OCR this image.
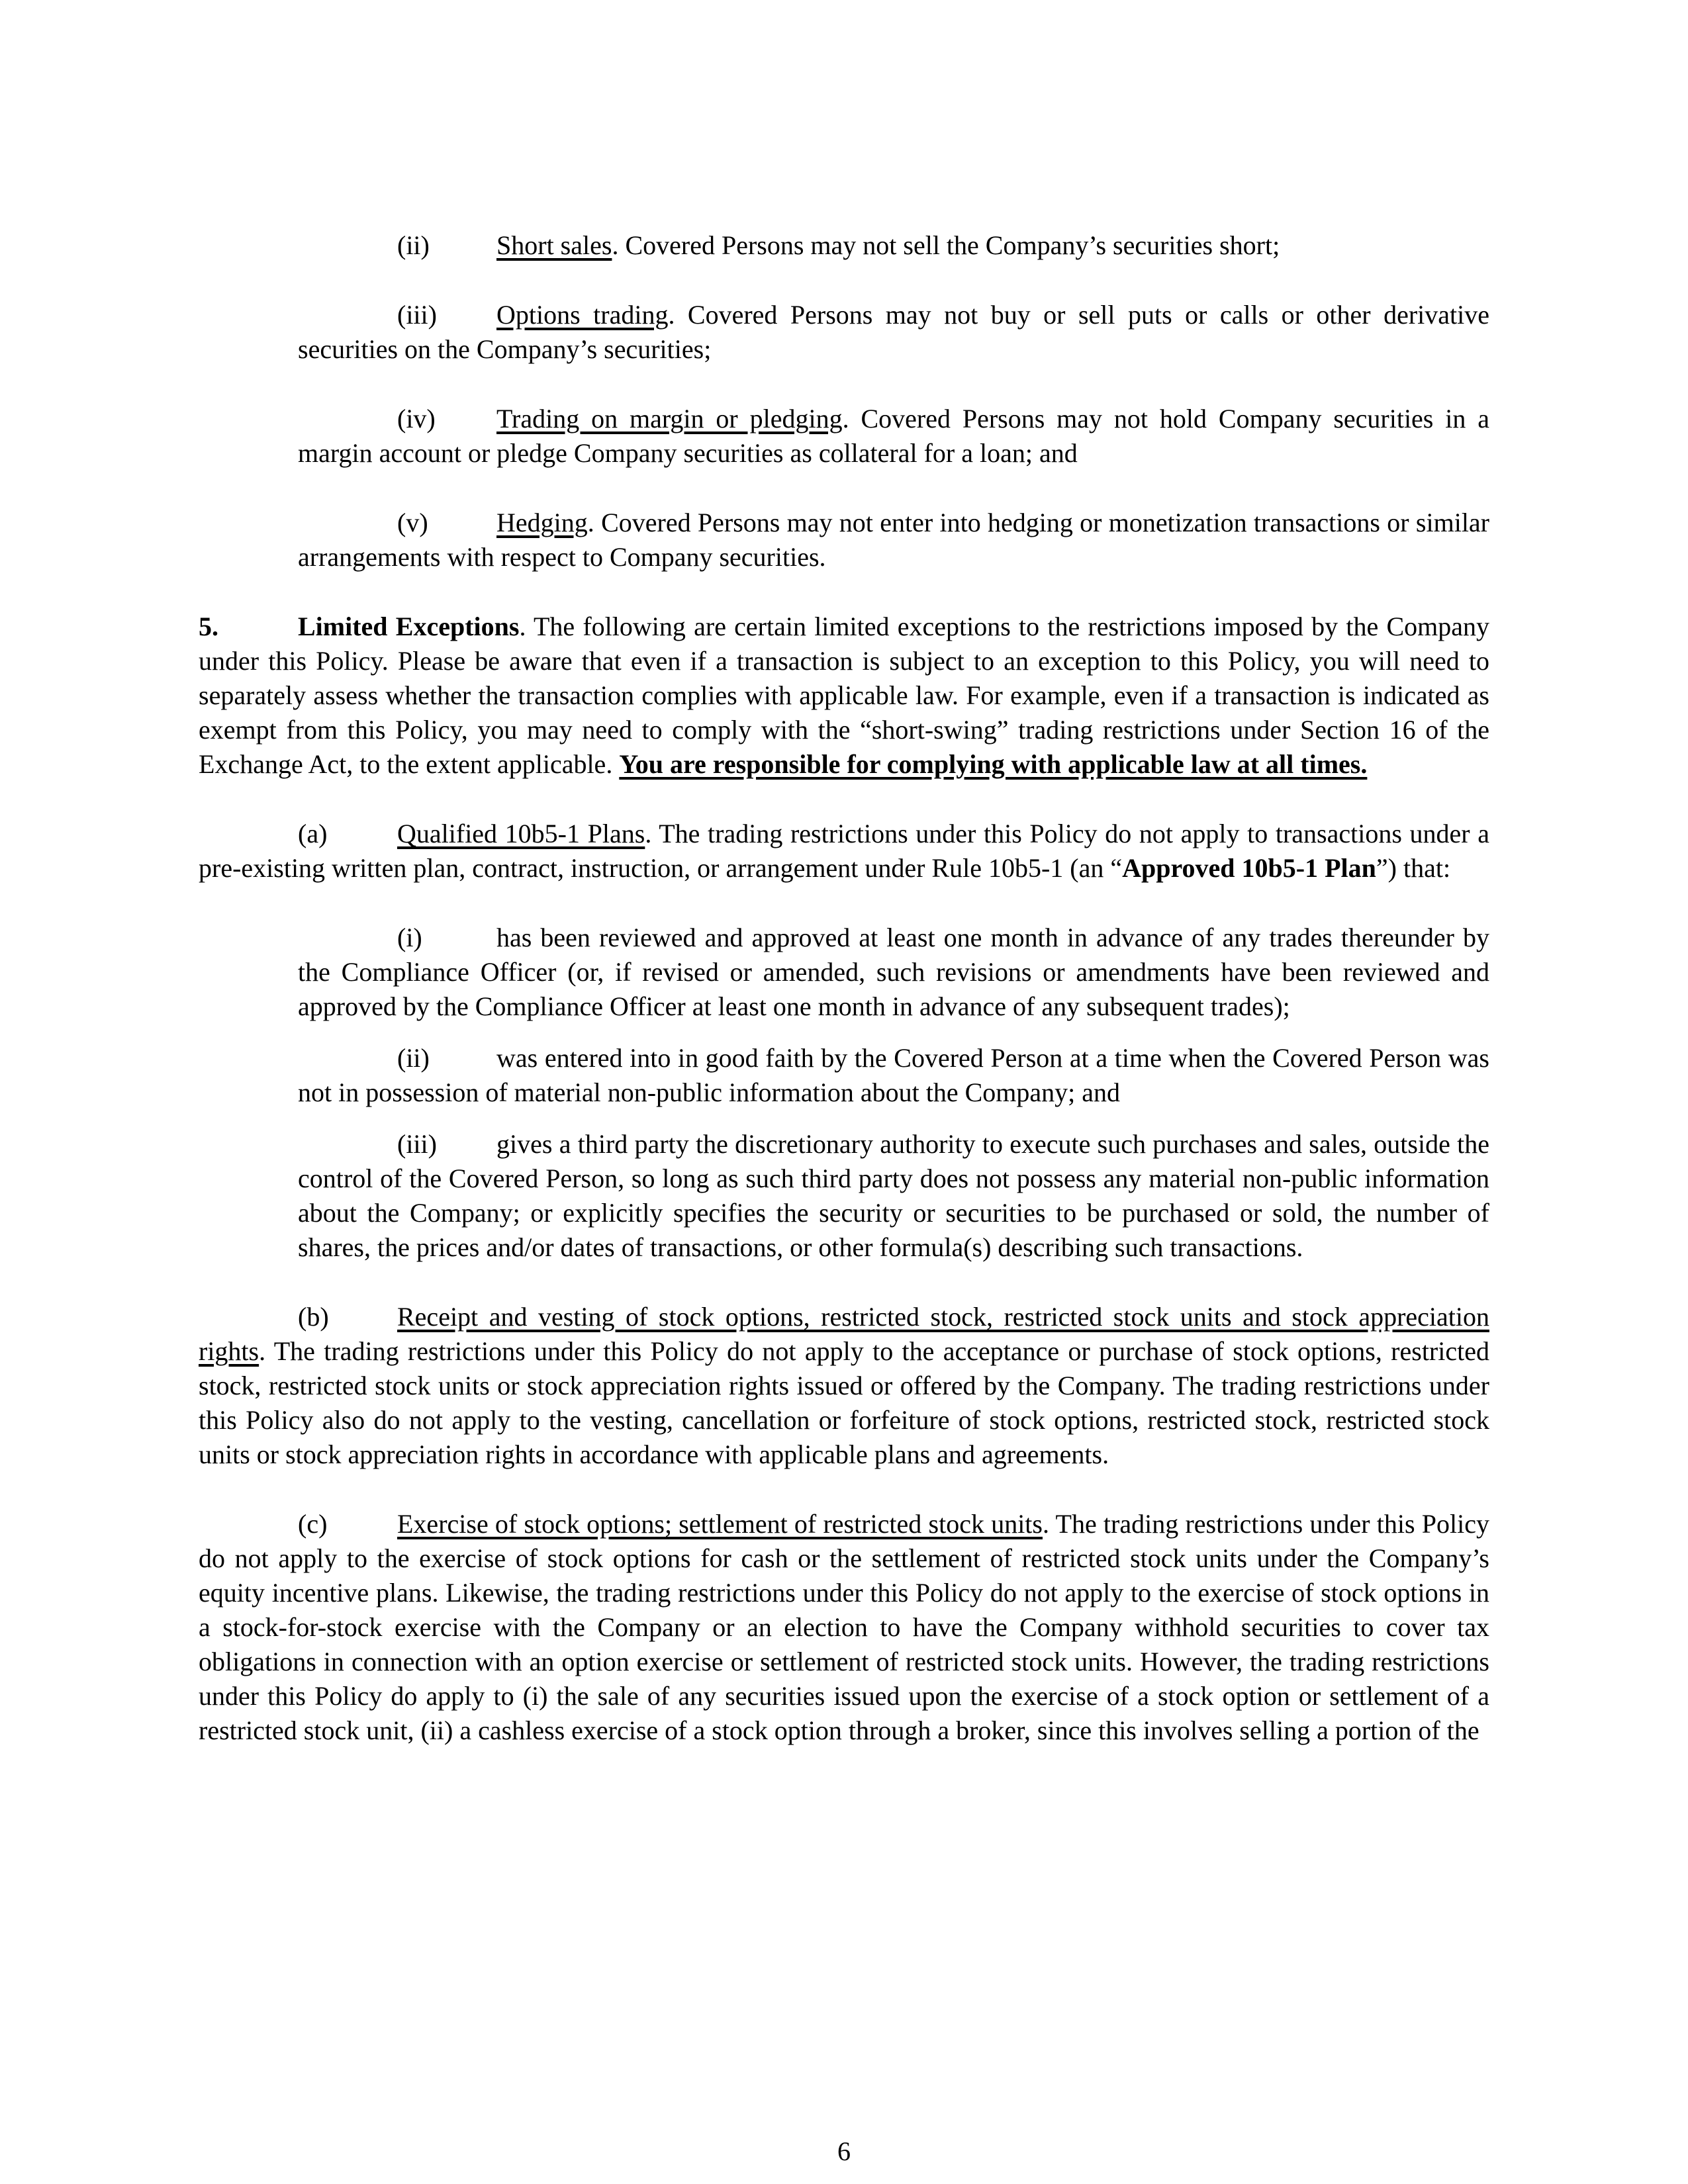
(ii)	Short sales. Covered Persons may not sell the Company’s securities short;

(iii) Options trading. Covered Persons may not buy or sell puts or calls or other derivative securities on the Company’s securities;

(iv) Trading on margin or pledging. Covered Persons may not hold Company securities in a margin account or pledge Company securities as collateral for a loan; and

(v)	Hedging. Covered Persons may not enter into hedging or monetization transactions or similar arrangements with respect to Company securities.

5.	Limited Exceptions. The following are certain limited exceptions to the restrictions imposed by the Company under this Policy. Please be aware that even if a transaction is subject to an exception to this Policy, you will need to separately assess whether the transaction complies with applicable law. For example, even if a transaction is indicated as exempt from this Policy, you may need to comply with the “short-swing” trading restrictions under Section 16 of the Exchange Act, to the extent applicable. You are responsible for complying with applicable law at all times.

(a)	Qualified 10b5-1 Plans. The trading restrictions under this Policy do not apply to transactions under a pre-existing written plan, contract, instruction, or arrangement under Rule 10b5-1 (an “Approved 10b5-1 Plan”) that:

(i)	has been reviewed and approved at least one month in advance of any trades thereunder by the Compliance Officer (or, if revised or amended, such revisions or amendments have been reviewed and approved by the Compliance Officer at least one month in advance of any subsequent trades);

(ii)	was entered into in good faith by the Covered Person at a time when the Covered Person was not in possession of material non-public information about the Company; and

(iii) gives a third party the discretionary authority to execute such purchases and sales, outside the control of the Covered Person, so long as such third party does not possess any material non-public information about the Company; or explicitly specifies the security or securities to be purchased or sold, the number of shares, the prices and/or dates of transactions, or other formula(s) describing such transactions.

(b)	Receipt and vesting of stock options, restricted stock, restricted stock units and stock appreciation rights. The trading restrictions under this Policy do not apply to the acceptance or purchase of stock options, restricted stock, restricted stock units or stock appreciation rights issued or offered by the Company. The trading restrictions under this Policy also do not apply to the vesting, cancellation or forfeiture of stock options, restricted stock, restricted stock units or stock appreciation rights in accordance with applicable plans and agreements.

(c)	Exercise of stock options; settlement of restricted stock units. The trading restrictions under this Policy do not apply to the exercise of stock options for cash or the settlement of restricted stock units under the Company’s equity incentive plans. Likewise, the trading restrictions under this Policy do not apply to the exercise of stock options in a stock-for-stock exercise with the Company or an election to have the Company withhold securities to cover tax obligations in connection with an option exercise or settlement of restricted stock units. However, the trading restrictions under this Policy do apply to (i) the sale of any securities issued upon the exercise of a stock option or settlement of a restricted stock unit, (ii) a cashless exercise of a stock option through a broker, since this involves selling a portion of the

6
